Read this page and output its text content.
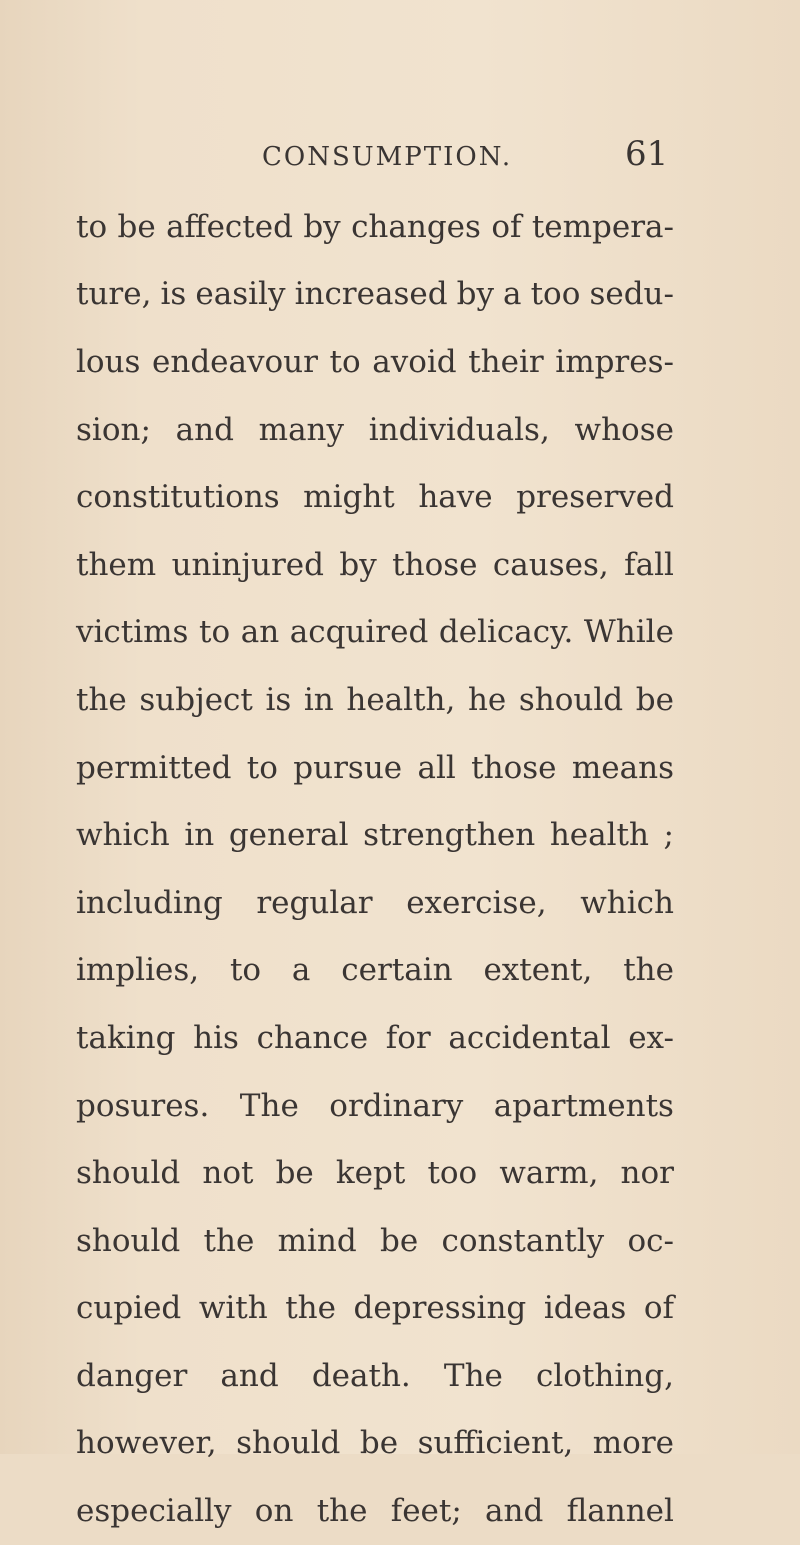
CONSUMPTION.	61
to be affected by changes of tempera-
ture, is easily increased by a too sedu-
lous endeavour to avoid their impres-
sion; and many individuals, whose
constitutions might have preserved
them uninjured by those causes, fall
victims to an acquired delicacy. While
the subject is in health, he should be
permitted to pursue all those means
which in general strengthen health ;
including regular exercise, which
implies, to a certain extent, the
taking his chance for accidental ex-
posures. The ordinary apartments
should not be kept too warm, nor
should the mind be constantly oc-
cupied with the depressing ideas of
danger and death. The clothing,
however, should be sufficient, more
especially on the feet; and flannel
